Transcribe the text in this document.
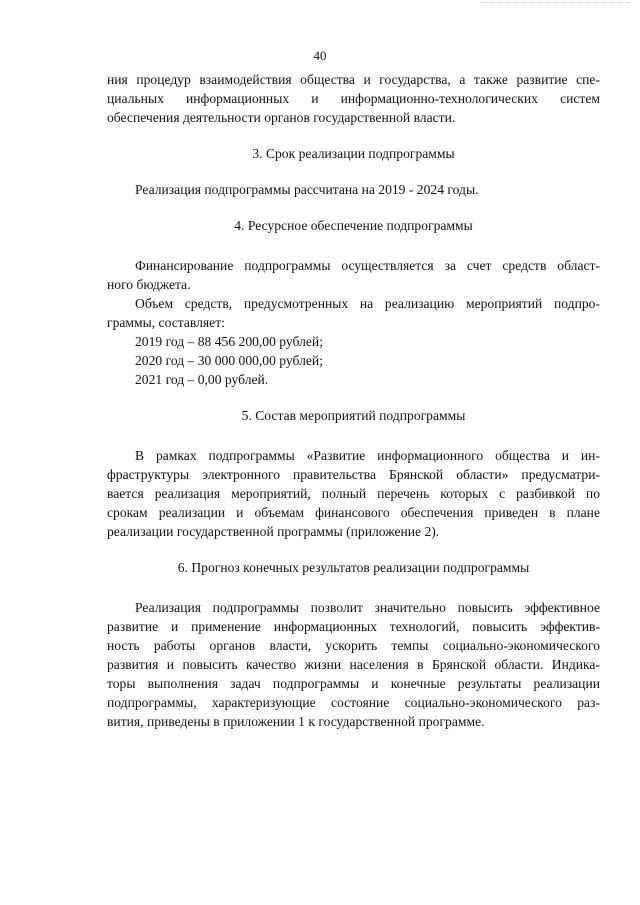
40
ния процедур взаимодействия общества и государства, а также развитие спе-
циальных информационных и информационно-технологических систем
обеспечения деятельности органов государственной власти.
3. Срок реализации подпрограммы
Реализация подпрограммы рассчитана на 2019 - 2024 годы.
4. Ресурсное обеспечение подпрограммы
Финансирование подпрограммы осуществляется за счет средств област-
ного бюджета.
Объем средств, предусмотренных на реализацию мероприятий подпро-
граммы, составляет:
2019 год – 88 456 200,00 рублей;
2020 год – 30 000 000,00 рублей;
2021 год – 0,00 рублей.
5. Состав мероприятий подпрограммы
В рамках подпрограммы «Развитие информационного общества и ин-
фраструктуры электронного правительства Брянской области» предусматри-
вается реализация мероприятий, полный перечень которых с разбивкой по
срокам реализации и объемам финансового обеспечения приведен в плане
реализации государственной программы (приложение 2).
6. Прогноз конечных результатов реализации подпрограммы
Реализация подпрограммы позволит значительно повысить эффективное
развитие и применение информационных технологий, повысить эффектив-
ность работы органов власти, ускорить темпы социально-экономического
развития и повысить качество жизни населения в Брянской области. Индика-
торы выполнения задач подпрограммы и конечные результаты реализации
подпрограммы, характеризующие состояние социально-экономического раз-
вития, приведены в приложении 1 к государственной программе.
